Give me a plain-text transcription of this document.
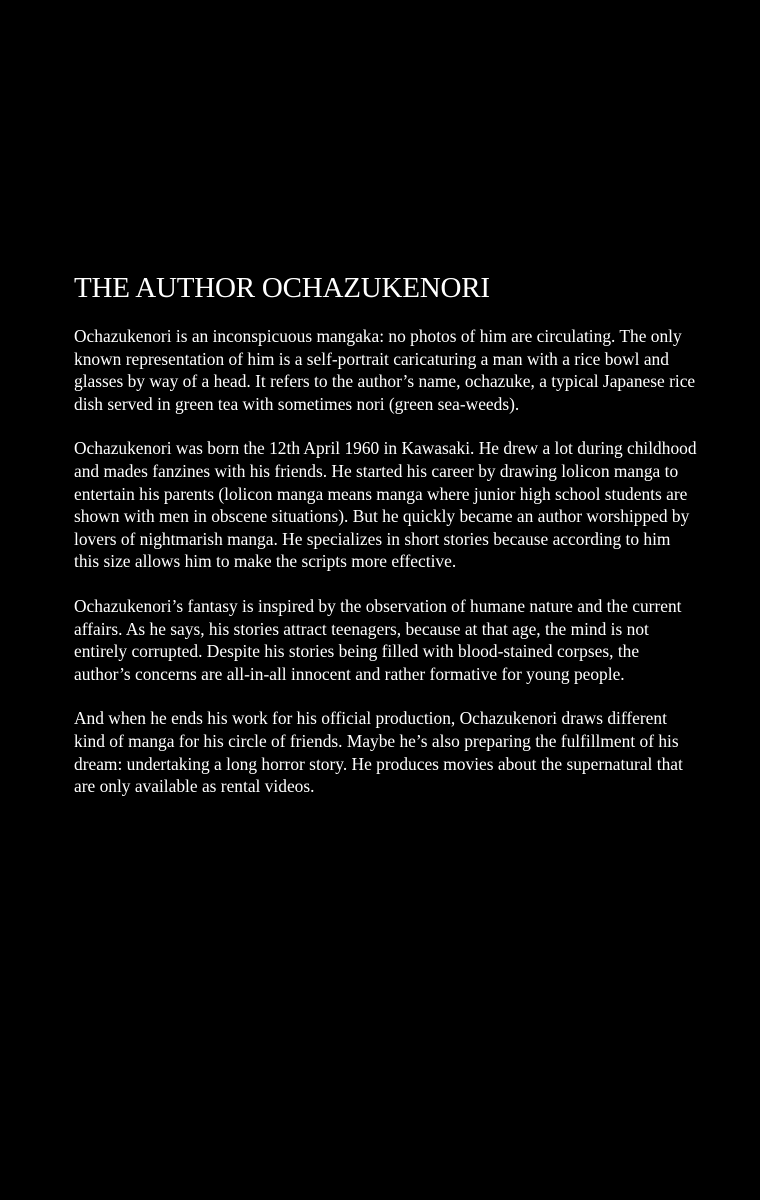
THE AUTHOR OCHAZUKENORI

Ochazukenori is an inconspicuous mangaka: no photos of him are circulating. The only known representation of him is a self-portrait caricaturing a man with a rice bowl and glasses by way of a head. It refers to the author’s name, ochazuke, a typical Japanese rice dish served in green tea with sometimes nori (green sea-weeds).

Ochazukenori was born the 12th April 1960 in Kawasaki. He drew a lot during childhood and mades fanzines with his friends. He started his career by drawing lolicon manga to entertain his parents (lolicon manga means manga where junior high school students are shown with men in obscene situations). But he quickly became an author worshipped by lovers of nightmarish manga. He specializes in short stories because according to him this size allows him to make the scripts more effective.

Ochazukenori’s fantasy is inspired by the observation of humane nature and the current affairs. As he says, his stories attract teenagers, because at that age, the mind is not entirely corrupted. Despite his stories being filled with blood-stained corpses, the author’s concerns are all-in-all innocent and rather formative for young people.

And when he ends his work for his official production, Ochazukenori draws different kind of manga for his circle of friends. Maybe he’s also preparing the fulfillment of his dream: undertaking a long horror story. He produces movies about the supernatural that are only available as rental videos.
